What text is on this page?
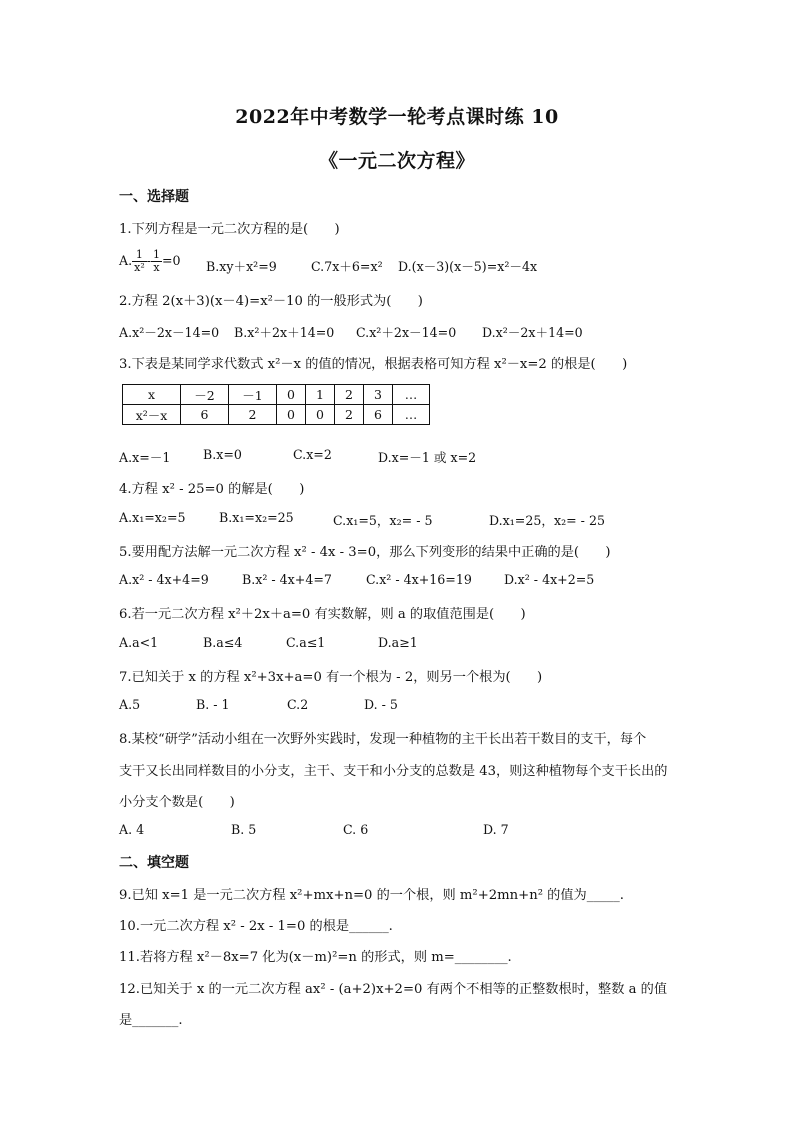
2022年中考数学一轮考点课时练 10
《一元二次方程》
一、选择题
1.下列方程是一元二次方程的是(　　)
A. $\frac{1}{\text{x²}} - \frac{1}{x} =0$ B.xy＋x²=9	C.7x＋6=x² D.(x－3)(x－5)=x²－4x
2.方程 2(x＋3)(x－4)=x²－10 的一般形式为(　　)
A.x²－2x－14=0 B.x²＋2x＋14=0 C.x²＋2x－14=0 D.x²－2x＋14=0
3.下表是某同学求代数式 x²－x 的值的情况，根据表格可知方程 x²－x=2 的根是(　　)
x	－2	－1	0	1	2	3	…
x²－x	6	2	0	0	2	6	…
A.x=－1	B.x=0	C.x=2	D.x=－1 或 x=2
4.方程 x² - 25=0 的解是(　　)
A.x₁=x₂=5	B.x₁=x₂=25	C.x₁=5，x₂= - 5	D.x₁=25，x₂= - 25
5.要用配方法解一元二次方程 x² - 4x - 3=0，那么下列变形的结果中正确的是(　　)
A.x² - 4x+4=9	B.x² - 4x+4=7	C.x² - 4x+16=19	D.x² - 4x+2=5
6.若一元二次方程 x²＋2x＋a=0 有实数解，则 a 的取值范围是(　　)
A.a<1	B.a≤4	C.a≤1	D.a≥1
7.已知关于 x 的方程 x²+3x+a=0 有一个根为 - 2，则另一个根为(　　)
A.5	B. - 1	C.2	D. - 5
8.某校“研学”活动小组在一次野外实践时，发现一种植物的主干长出若干数目的支干，每个
支干又长出同样数目的小分支，主干、支干和小分支的总数是 43，则这种植物每个支干长出的
小分支个数是(　　)
A. 4	B. 5	C. 6	D. 7
二、填空题
9.已知 x=1 是一元二次方程 x²+mx+n=0 的一个根，则 m²+2mn+n² 的值为_____.
10.一元二次方程 x² - 2x - 1=0 的根是______.
11.若将方程 x²－8x=7 化为(x－m)²=n 的形式，则 m=________.
12.已知关于 x 的一元二次方程 ax² - (a+2)x+2=0 有两个不相等的正整数根时，整数 a 的值
是_______.
